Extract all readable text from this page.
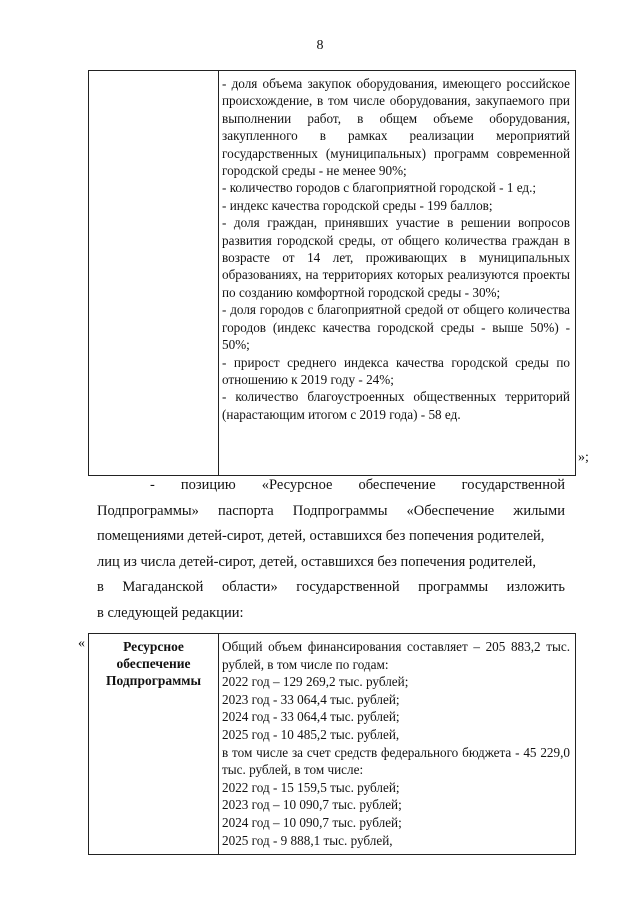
8
- доля объема закупок оборудования, имеющего российское происхождение, в том числе оборудования, закупаемого при выполнении работ, в общем объеме оборудования, закупленного в рамках реализации мероприятий государственных (муниципальных) программ современной городской среды - не менее 90%;
- количество городов с благоприятной городской - 1 ед.;
- индекс качества городской среды - 199 баллов;
- доля граждан, принявших участие в решении вопросов развития городской среды, от общего количества граждан в возрасте от 14 лет, проживающих в муниципальных образованиях, на территориях которых реализуются проекты по созданию комфортной городской среды - 30%;
- доля городов с благоприятной средой от общего количества городов (индекс качества городской среды - выше 50%) - 50%;
- прирост среднего индекса качества городской среды по отношению к 2019 году - 24%;
- количество благоустроенных общественных территорий (нарастающим итогом с 2019 года) - 58 ед.
»;
- позицию «Ресурсное обеспечение государственной
Подпрограммы» паспорта Подпрограммы «Обеспечение жилыми
помещениями детей-сирот, детей, оставшихся без попечения родителей,
лиц из числа детей-сирот, детей, оставшихся без попечения родителей,
в Магаданской области» государственной программы изложить
в следующей редакции:
«	Ресурсное
обеспечение
Подпрограммы
Общий объем финансирования составляет – 205 883,2 тыс. рублей, в том числе по годам:
2022 год – 129 269,2 тыс. рублей;
2023 год - 33 064,4 тыс. рублей;
2024 год - 33 064,4 тыс. рублей;
2025 год - 10 485,2 тыс. рублей,
в том числе за счет средств федерального бюджета - 45 229,0 тыс. рублей, в том числе:
2022 год - 15 159,5 тыс. рублей;
2023 год – 10 090,7 тыс. рублей;
2024 год – 10 090,7 тыс. рублей;
2025 год - 9 888,1 тыс. рублей,
